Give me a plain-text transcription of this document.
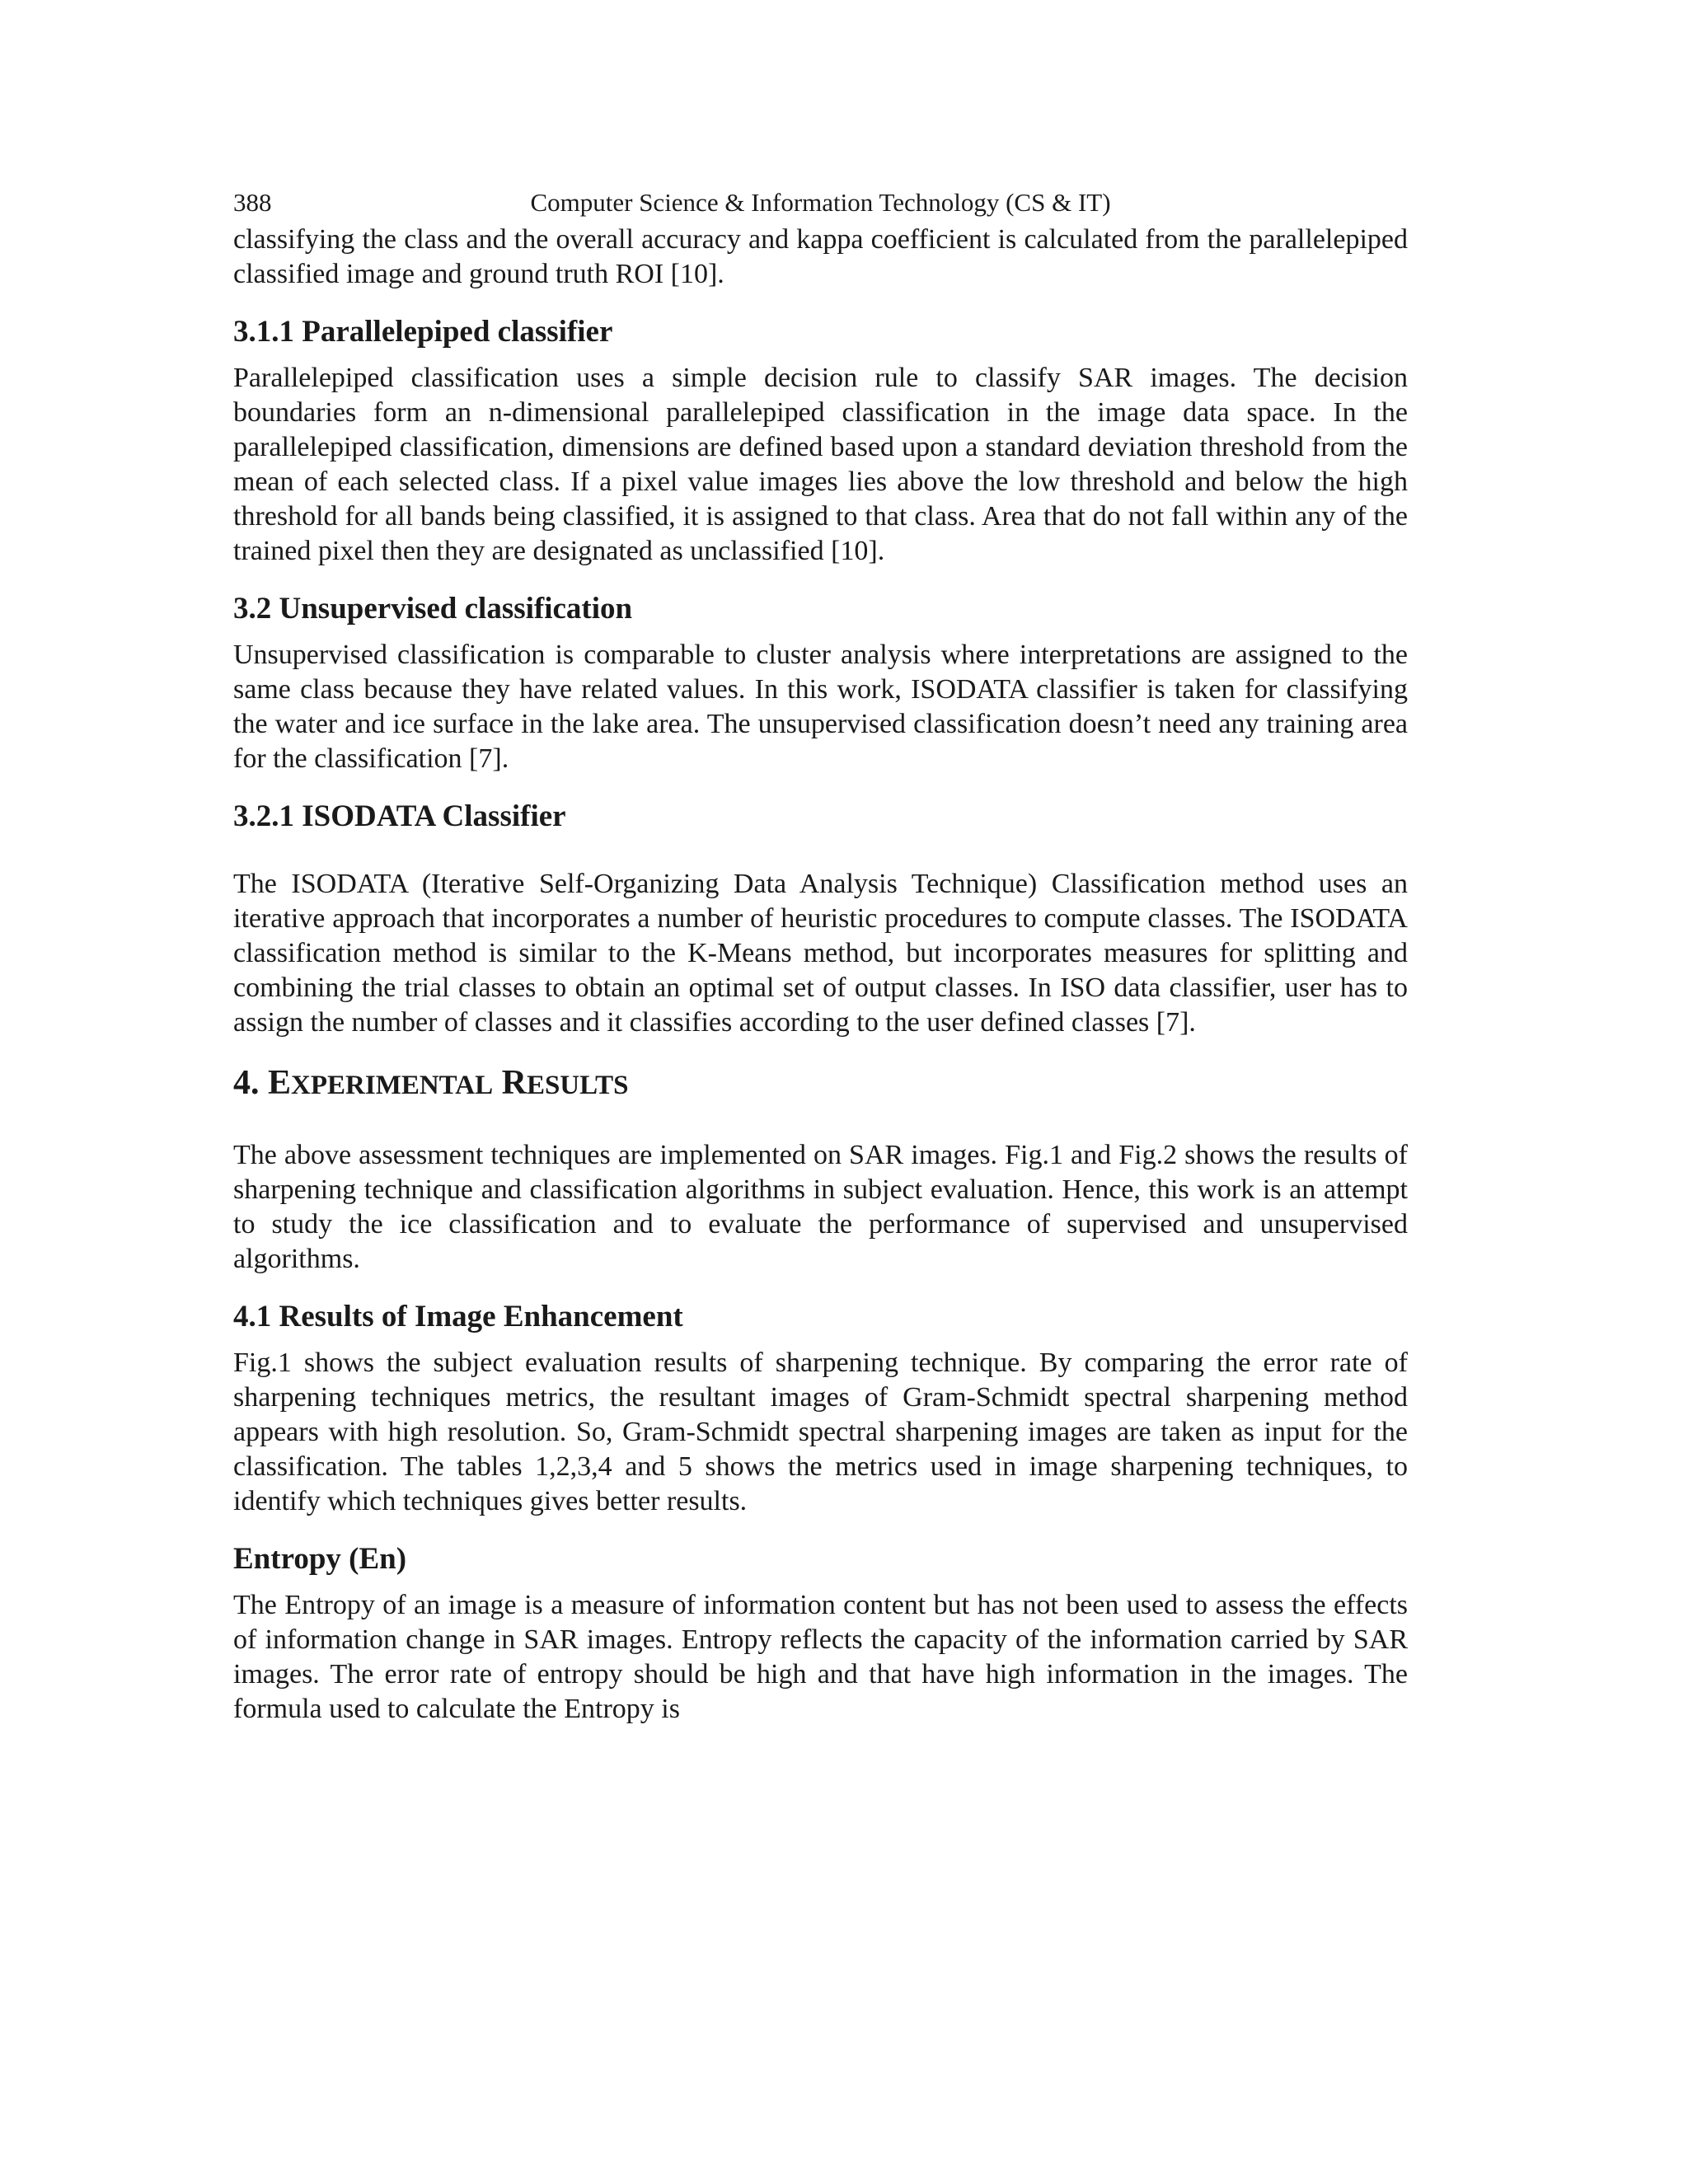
388	Computer Science & Information Technology (CS & IT)

classifying the class and the overall accuracy and kappa coefficient is calculated from the parallelepiped classified image and ground truth ROI [10].

3.1.1 Parallelepiped classifier

Parallelepiped classification uses a simple decision rule to classify SAR images. The decision boundaries form an n-dimensional parallelepiped classification in the image data space. In the parallelepiped classification, dimensions are defined based upon a standard deviation threshold from the mean of each selected class. If a pixel value images lies above the low threshold and below the high threshold for all bands being classified, it is assigned to that class. Area that do not fall within any of the trained pixel then they are designated as unclassified [10].

3.2 Unsupervised classification

Unsupervised classification is comparable to cluster analysis where interpretations are assigned to the same class because they have related values. In this work, ISODATA classifier is taken for classifying the water and ice surface in the lake area. The unsupervised classification doesn’t need any training area for the classification [7].

3.2.1 ISODATA Classifier

The ISODATA (Iterative Self-Organizing Data Analysis Technique) Classification method uses an iterative approach that incorporates a number of heuristic procedures to compute classes. The ISODATA classification method is similar to the K-Means method, but incorporates measures for splitting and combining the trial classes to obtain an optimal set of output classes. In ISO data classifier, user has to assign the number of classes and it classifies according to the user defined classes [7].

4. EXPERIMENTAL RESULTS

The above assessment techniques are implemented on SAR images. Fig.1 and Fig.2 shows the results of sharpening technique and classification algorithms in subject evaluation. Hence, this work is an attempt to study the ice classification and to evaluate the performance of supervised and unsupervised algorithms.

4.1 Results of Image Enhancement

Fig.1 shows the subject evaluation results of sharpening technique. By comparing the error rate of sharpening techniques metrics, the resultant images of Gram-Schmidt spectral sharpening method appears with high resolution. So, Gram-Schmidt spectral sharpening images are taken as input for the classification. The tables 1,2,3,4 and 5 shows the metrics used in image sharpening techniques, to identify which techniques gives better results.

Entropy (En)

The Entropy of an image is a measure of information content but has not been used to assess the effects of information change in SAR images. Entropy reflects the capacity of the information carried by SAR images. The error rate of entropy should be high and that have high information in the images. The formula used to calculate the Entropy is
